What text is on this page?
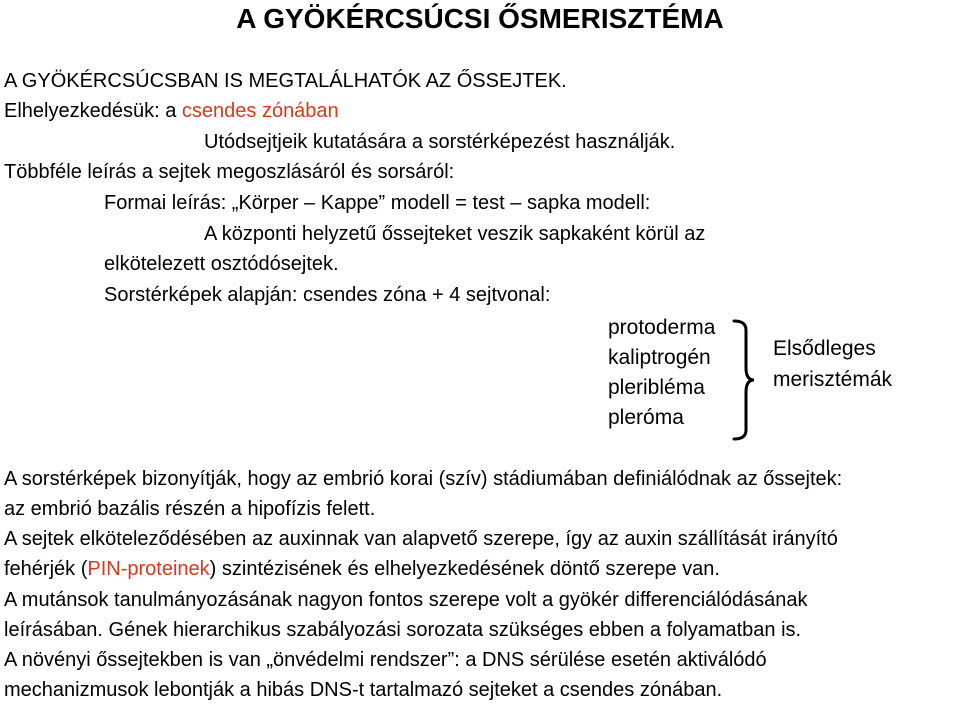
A GYÖKÉRCSÚCSI ŐSMERISZTÉMA
A GYÖKÉRCSÚCSBAN IS MEGTALÁLHATÓK AZ ŐSSEJTEK.
Elhelyezkedésük: a csendes zónában
Utódsejtjeik kutatására a sorstérképezést használják.
Többféle leírás a sejtek megoszlásáról és sorsáról:
Formai leírás: „Körper – Kappe” modell = test – sapka modell:
A központi helyzetű őssejteket veszik sapkaként körül az
elkötelezett osztódósejtek.
Sorstérképek alapján: csendes zóna + 4 sejtvonal:
protoderma
kaliptrogén
pleribléma
pleróma
Elsődleges
merisztémák
A sorstérképek bizonyítják, hogy az embrió korai (szív) stádiumában definiálódnak az őssejtek:
az embrió bazális részén a hipofízis felett.
A sejtek elköteleződésében az auxinnak van alapvető szerepe, így az auxin szállítását irányító
fehérjék (PIN-proteinek) szintézisének és elhelyezkedésének döntő szerepe van.
A mutánsok tanulmányozásának nagyon fontos szerepe volt a gyökér differenciálódásának
leírásában. Gének hierarchikus szabályozási sorozata szükséges ebben a folyamatban is.
A növényi őssejtekben is van „önvédelmi rendszer”: a DNS sérülése esetén aktiválódó
mechanizmusok lebontják a hibás DNS-t tartalmazó sejteket a csendes zónában.
